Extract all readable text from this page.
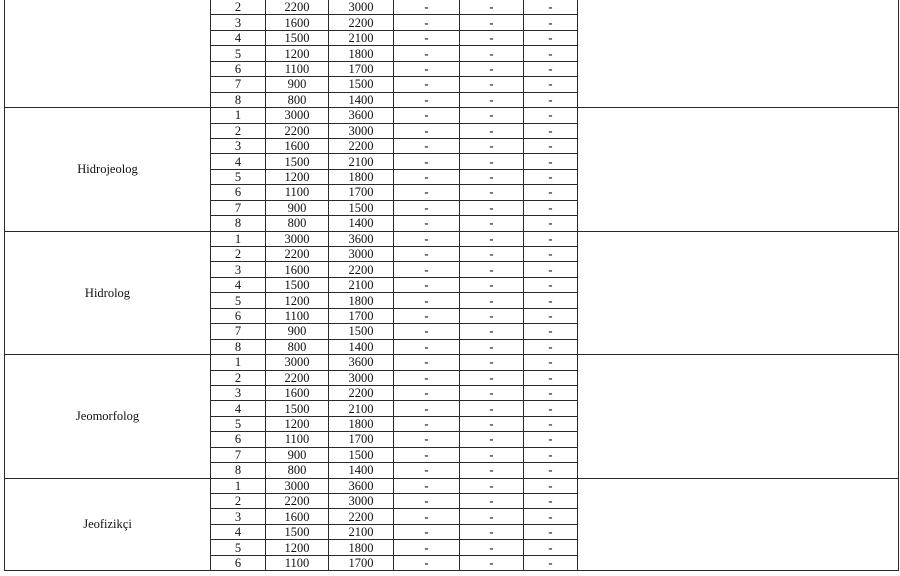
	2	2200	3000	-	-	-	
	3	1600	2200	-	-	-	
	4	1500	2100	-	-	-	
	5	1200	1800	-	-	-	
	6	1100	1700	-	-	-	
	7	900	1500	-	-	-	
	8	800	1400	-	-	-	
Hidrojeolog	1	3000	3600	-	-	-	
	2	2200	3000	-	-	-	
	3	1600	2200	-	-	-	
	4	1500	2100	-	-	-	
	5	1200	1800	-	-	-	
	6	1100	1700	-	-	-	
	7	900	1500	-	-	-	
	8	800	1400	-	-	-	
Hidrolog	1	3000	3600	-	-	-	
	2	2200	3000	-	-	-	
	3	1600	2200	-	-	-	
	4	1500	2100	-	-	-	
	5	1200	1800	-	-	-	
	6	1100	1700	-	-	-	
	7	900	1500	-	-	-	
	8	800	1400	-	-	-	
Jeomorfolog	1	3000	3600	-	-	-	
	2	2200	3000	-	-	-	
	3	1600	2200	-	-	-	
	4	1500	2100	-	-	-	
	5	1200	1800	-	-	-	
	6	1100	1700	-	-	-	
	7	900	1500	-	-	-	
	8	800	1400	-	-	-	
Jeofizikçi	1	3000	3600	-	-	-	
	2	2200	3000	-	-	-	
	3	1600	2200	-	-	-	
	4	1500	2100	-	-	-	
	5	1200	1800	-	-	-	
	6	1100	1700	-	-	-	
